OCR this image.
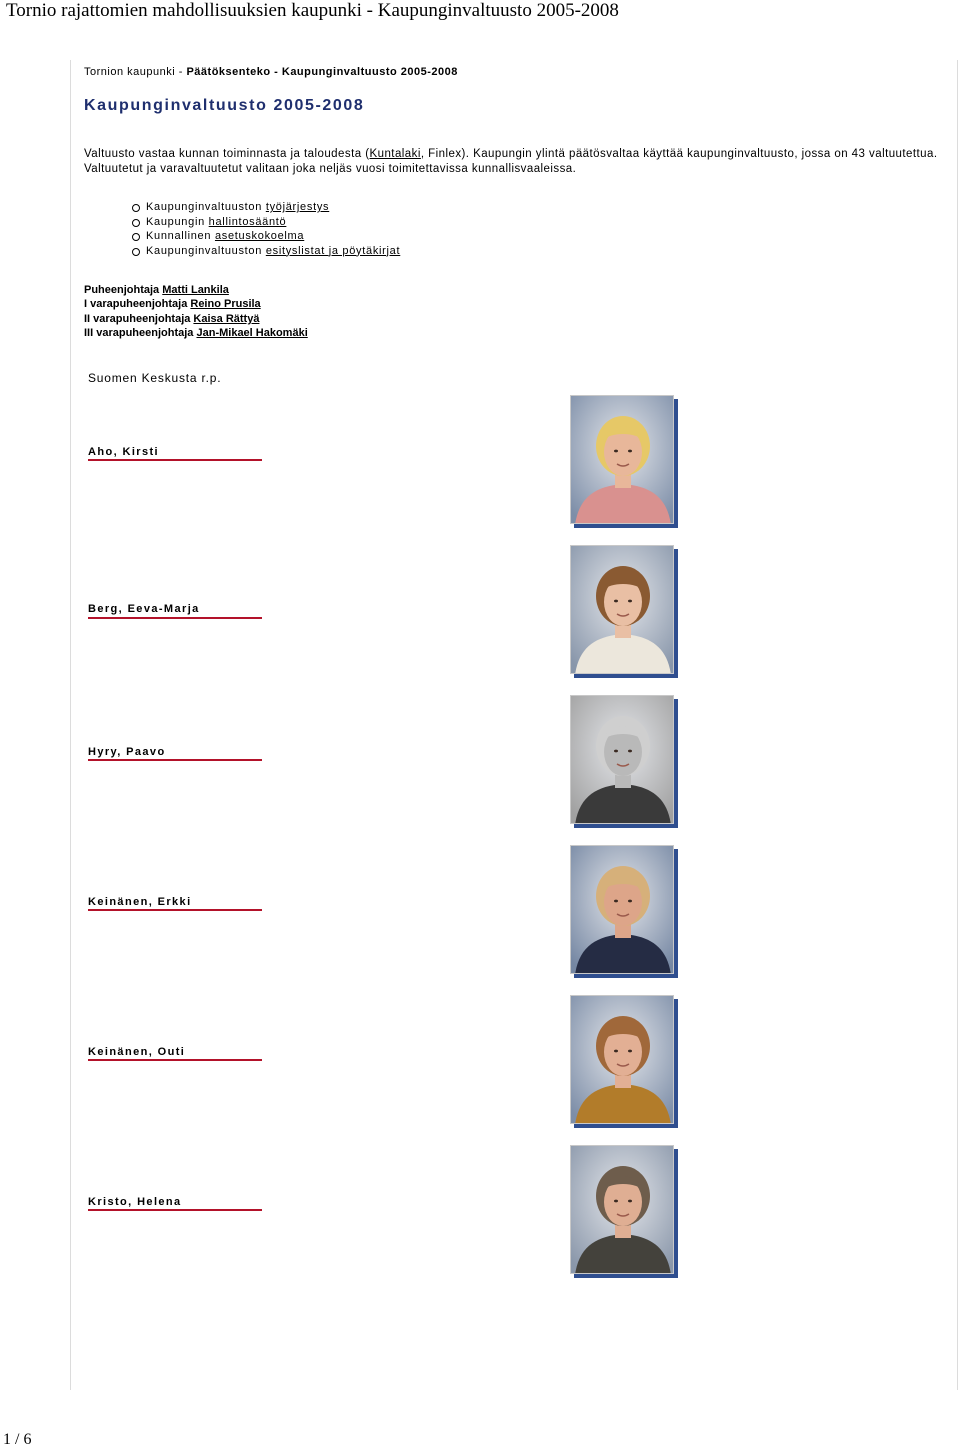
Tornio rajattomien mahdollisuuksien kaupunki - Kaupunginvaltuusto 2005-2008
Tornion kaupunki - Päätöksenteko - Kaupunginvaltuusto 2005-2008
Kaupunginvaltuusto 2005-2008
Valtuusto vastaa kunnan toiminnasta ja taloudesta (Kuntalaki, Finlex). Kaupungin ylintä päätösvaltaa käyttää kaupunginvaltuusto, jossa on 43 valtuutettua. Valtuutetut ja varavaltuutetut valitaan joka neljäs vuosi toimitettavissa kunnallisvaaleissa.
Kaupunginvaltuuston työjärjestys
Kaupungin hallintosääntö
Kunnallinen asetuskokoelma
Kaupunginvaltuuston esityslistat ja pöytäkirjat
Puheenjohtaja Matti Lankila
I varapuheenjohtaja Reino Prusila
II varapuheenjohtaja Kaisa Rättyä
III varapuheenjohtaja Jan-Mikael Hakomäki
Suomen Keskusta r.p.
Aho, Kirsti
Berg, Eeva-Marja
Hyry, Paavo
Keinänen, Erkki
Keinänen, Outi
Kristo, Helena
1 / 6
